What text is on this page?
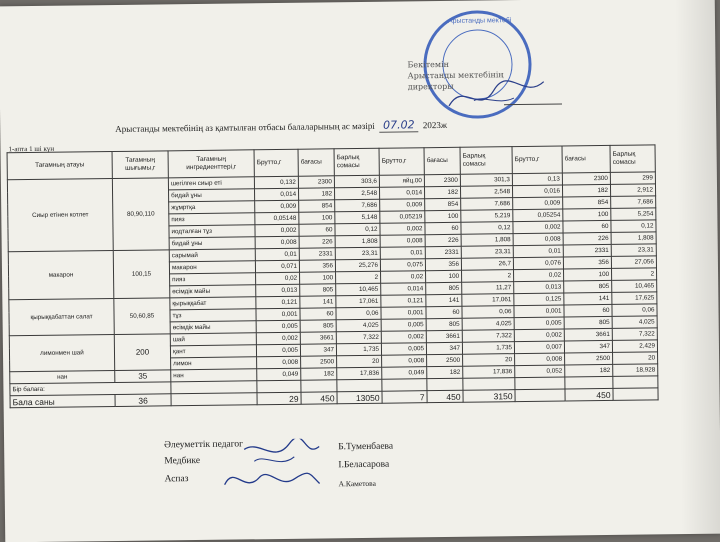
Арыстанды мектебі
Бекітемін
Арыстанды мектебінің
директоры
Арыстанды мектебінің аз қамтылған отбасы балаларының ас мәзірі 07.02 2023ж
1-апта 1 ші күн
Тағамның атауы	Тағамның шығымы,г	Тағамның ингредиенттері,г	Брутто,г	бағасы	Барлық сомасы	Брутто,г	бағасы	Барлық сомасы	Брутто,г	бағасы	Барлық сомасы
Сиыр етінен котлет	80,90,110	шегілген сиыр еті	0,132	2300	303,6	яйц.00	2300	301,3	0,13	2300	299
		бидай ұны	0,014	182	2,548	0,014	182	2,548	0,016	182	2,912
		жұмртқа	0,009	854	7,686	0,009	854	7,686	0,009	854	7,686
		пияз	0,05148	100	5,148	0,05219	100	5,219	0,05254	100	5,254
		иодталған тұз	0,002	60	0,12	0,002	60	0,12	0,002	60	0,12
		бидай ұны	0,008	226	1,808	0,008	226	1,808	0,008	226	1,808
макарон	100,15	сарымай	0,01	2331	23,31	0,01	2331	23,31	0,01	2331	23,31
		макарон	0,071	356	25,276	0,075	356	26,7	0,076	356	27,056
		пияз	0,02	100	2	0,02	100	2	0,02	100	2
		өсімдік майы	0,013	805	10,465	0,014	805	11,27	0,013	805	10,465
қырыққабаттан салат	50,60,85	қырыққабат	0,121	141	17,061	0,121	141	17,061	0,125	141	17,625
		тұз	0,001	60	0,06	0,001	60	0,06	0,001	60	0,06
		өсімдік майы	0,005	805	4,025	0,005	805	4,025	0,005	805	4,025
лимонмен шай	200	шай	0,002	3661	7,322	0,002	3661	7,322	0,002	3661	7,322
		қант	0,005	347	1,735	0,005	347	1,735	0,007	347	2,429
		лимон	0,008	2500	20	0,008	2500	20	0,008	2500	20
нан	35	нан	0,049	182	17,836	0,049	182	17,836	0,052	182	18,928
Бір балаға:											
Бала саны	36		29	450	13050	7	450	3150		450	
Әлеуметтік педагог
Медбике
Аспаз
Б.Туменбаева
І.Беласарова
А.Каметова
